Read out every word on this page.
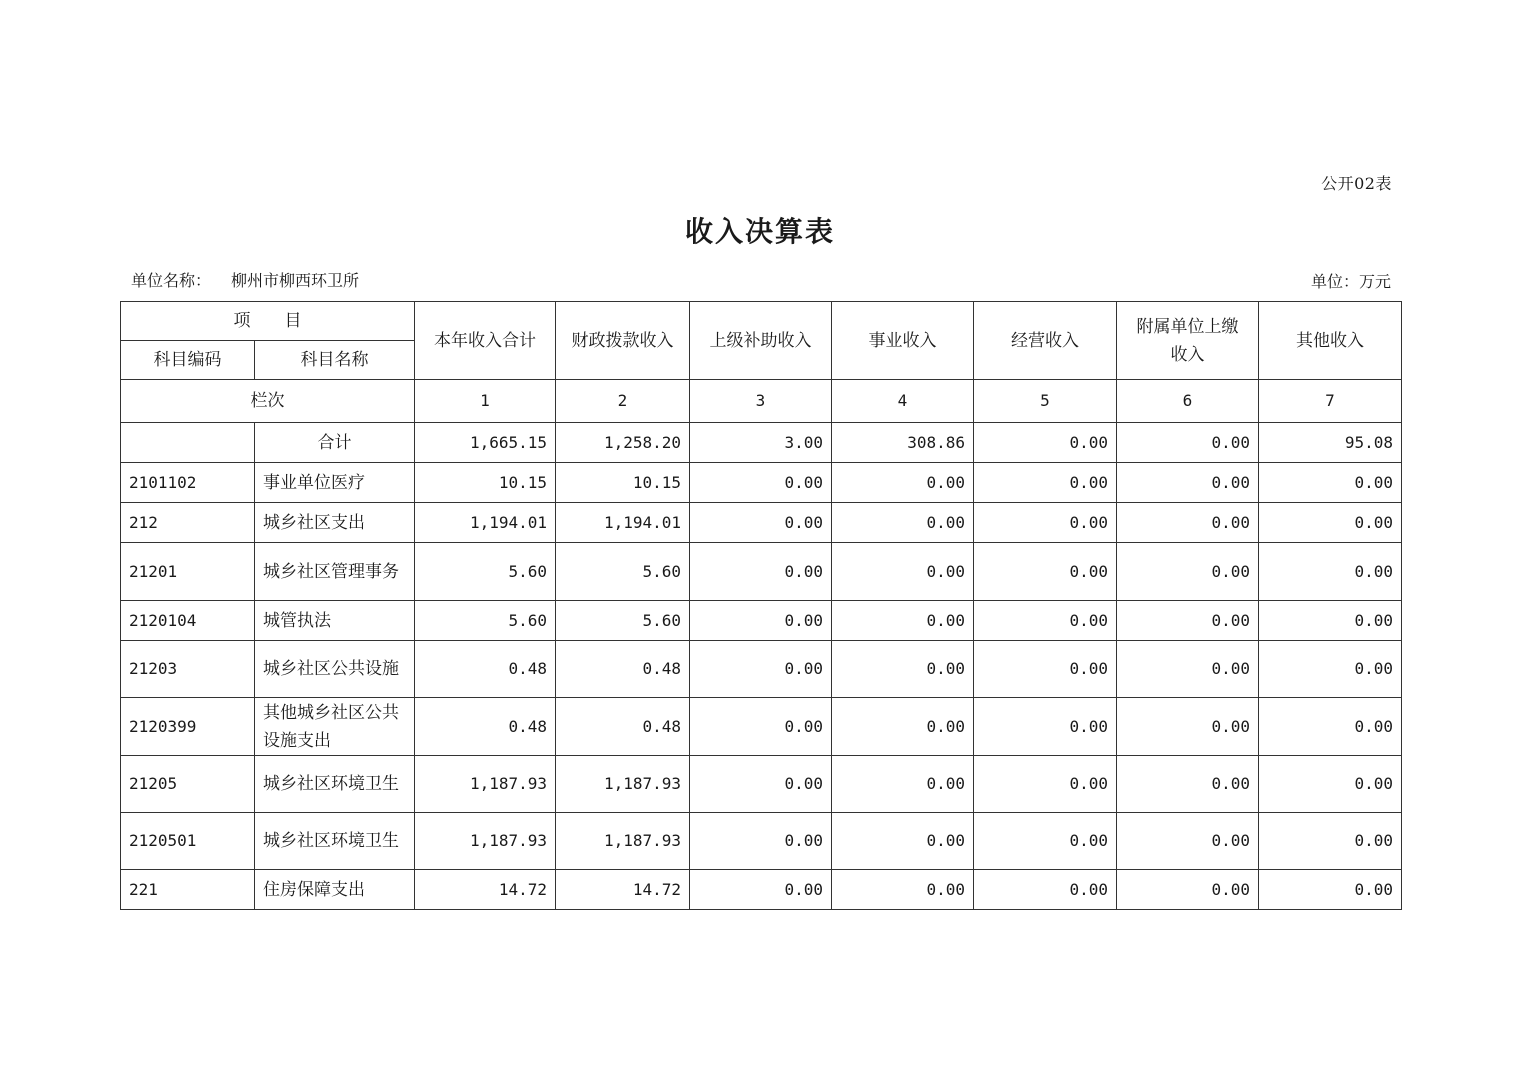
公开02表
收入决算表
单位名称： 柳州市柳西环卫所	单位：万元
项　　目		本年收入合计	财政拨款收入	上级补助收入	事业收入	经营收入	附属单位上缴收入	其他收入
科目编码	科目名称							
栏次		1	2	3	4	5	6	7
	合计	1,665.15	1,258.20	3.00	308.86	0.00	0.00	95.08
2101102	事业单位医疗	10.15	10.15	0.00	0.00	0.00	0.00	0.00
212	城乡社区支出	1,194.01	1,194.01	0.00	0.00	0.00	0.00	0.00
21201	城乡社区管理事务	5.60	5.60	0.00	0.00	0.00	0.00	0.00
2120104	城管执法	5.60	5.60	0.00	0.00	0.00	0.00	0.00
21203	城乡社区公共设施	0.48	0.48	0.00	0.00	0.00	0.00	0.00
2120399	其他城乡社区公共设施支出	0.48	0.48	0.00	0.00	0.00	0.00	0.00
21205	城乡社区环境卫生	1,187.93	1,187.93	0.00	0.00	0.00	0.00	0.00
2120501	城乡社区环境卫生	1,187.93	1,187.93	0.00	0.00	0.00	0.00	0.00
221	住房保障支出	14.72	14.72	0.00	0.00	0.00	0.00	0.00
